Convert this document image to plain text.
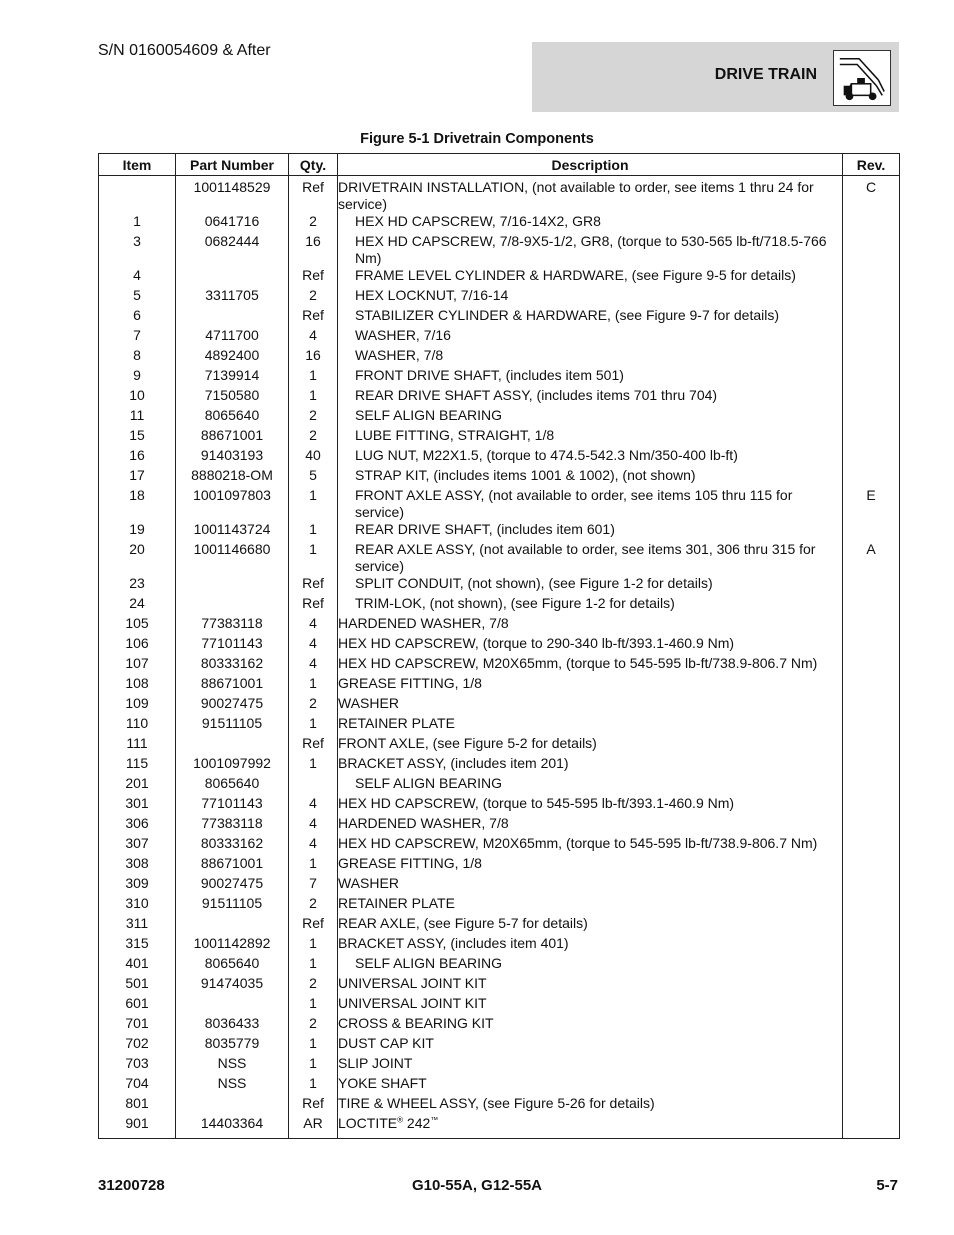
S/N 0160054609 & After
DRIVE TRAIN
Figure 5-1 Drivetrain Components
Item	Part Number	Qty.	Description	Rev.
	1001148529	Ref	DRIVETRAIN INSTALLATION, (not available to order, see items 1 thru 24 for service)	C
1	0641716	2	HEX HD CAPSCREW, 7/16-14X2, GR8	
3	0682444	16	HEX HD CAPSCREW, 7/8-9X5-1/2, GR8, (torque to 530-565 lb-ft/718.5-766 Nm)	
4		Ref	FRAME LEVEL CYLINDER & HARDWARE, (see Figure 9-5 for details)	
5	3311705	2	HEX LOCKNUT, 7/16-14	
6		Ref	STABILIZER CYLINDER & HARDWARE, (see Figure 9-7 for details)	
7	4711700	4	WASHER, 7/16	
8	4892400	16	WASHER, 7/8	
9	7139914	1	FRONT DRIVE SHAFT, (includes item 501)	
10	7150580	1	REAR DRIVE SHAFT ASSY, (includes items 701 thru 704)	
11	8065640	2	SELF ALIGN BEARING	
15	88671001	2	LUBE FITTING, STRAIGHT, 1/8	
16	91403193	40	LUG NUT, M22X1.5, (torque to 474.5-542.3 Nm/350-400 lb-ft)	
17	8880218-OM	5	STRAP KIT, (includes items 1001 & 1002), (not shown)	
18	1001097803	1	FRONT AXLE ASSY, (not available to order, see items 105 thru 115 for service)	E
19	1001143724	1	REAR DRIVE SHAFT, (includes item 601)	
20	1001146680	1	REAR AXLE ASSY, (not available to order, see items 301, 306 thru 315 for service)	A
23		Ref	SPLIT CONDUIT, (not shown), (see Figure 1-2 for details)	
24		Ref	TRIM-LOK, (not shown), (see Figure 1-2 for details)	
105	77383118	4	HARDENED WASHER, 7/8	
106	77101143	4	HEX HD CAPSCREW, (torque to 290-340 lb-ft/393.1-460.9 Nm)	
107	80333162	4	HEX HD CAPSCREW, M20X65mm, (torque to 545-595 lb-ft/738.9-806.7 Nm)	
108	88671001	1	GREASE FITTING, 1/8	
109	90027475	2	WASHER	
110	91511105	1	RETAINER PLATE	
111		Ref	FRONT AXLE, (see Figure 5-2 for details)	
115	1001097992	1	BRACKET ASSY, (includes item 201)	
201	8065640		SELF ALIGN BEARING	
301	77101143	4	HEX HD CAPSCREW, (torque to 545-595 lb-ft/393.1-460.9 Nm)	
306	77383118	4	HARDENED WASHER, 7/8	
307	80333162	4	HEX HD CAPSCREW, M20X65mm, (torque to 545-595 lb-ft/738.9-806.7 Nm)	
308	88671001	1	GREASE FITTING, 1/8	
309	90027475	7	WASHER	
310	91511105	2	RETAINER PLATE	
311		Ref	REAR AXLE, (see Figure 5-7 for details)	
315	1001142892	1	BRACKET ASSY, (includes item 401)	
401	8065640	1	SELF ALIGN BEARING	
501	91474035	2	UNIVERSAL JOINT KIT	
601		1	UNIVERSAL JOINT KIT	
701	8036433	2	CROSS & BEARING KIT	
702	8035779	1	DUST CAP KIT	
703	NSS	1	SLIP JOINT	
704	NSS	1	YOKE SHAFT	
801		Ref	TIRE & WHEEL ASSY, (see Figure 5-26 for details)	
901	14403364	AR	LOCTITE® 242™	
31200728	G10-55A, G12-55A	5-7
